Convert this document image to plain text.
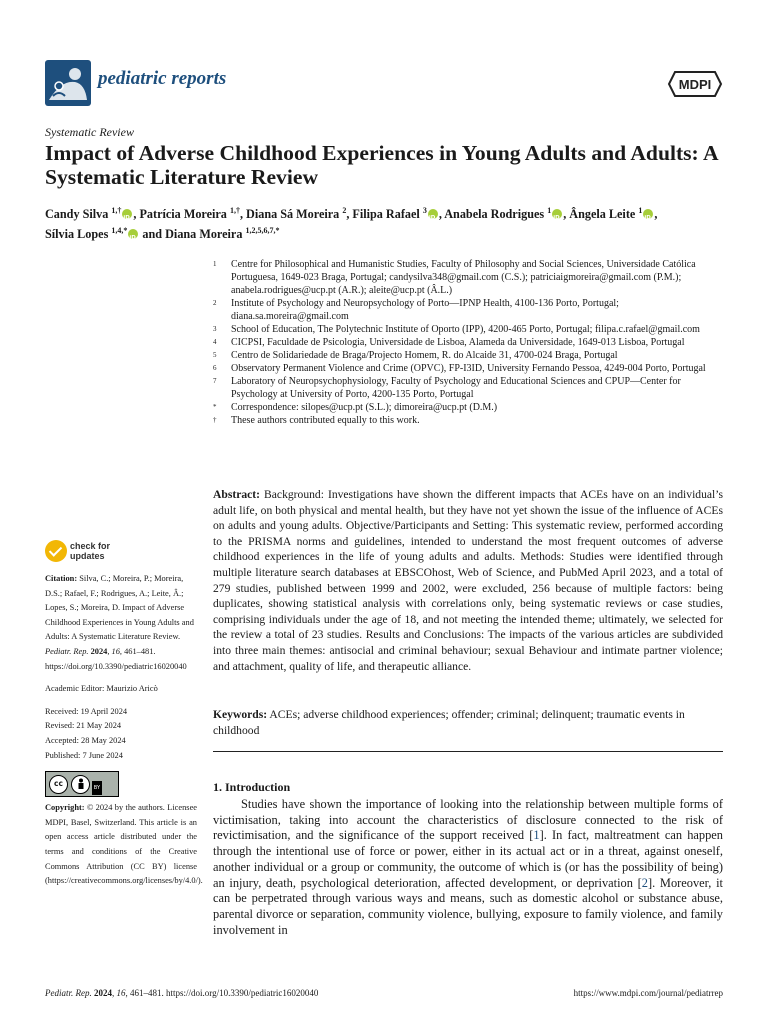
pediatric reports	MDPI
Systematic Review
Impact of Adverse Childhood Experiences in Young Adults and Adults: A Systematic Literature Review
Candy Silva $^{1,\dagger}$ iD , Patrícia Moreira $^{1,\dagger}$, Diana Sá Moreira $^2$, Filipa Rafael $^3$ iD , Anabela Rodrigues $^1$ iD , Ângela Leite $^1$ iD ,
Sílvia Lopes $^{1,4,*}$ iD and Diana Moreira $^{1,2,5,6,7,*}$
1	Centre for Philosophical and Humanistic Studies, Faculty of Philosophy and Social Sciences, Universidade Católica Portuguesa, 1649-023 Braga, Portugal; candysilva348@gmail.com (C.S.); patriciaigmoreira@gmail.com (P.M.); anabela.rodrigues@ucp.pt (A.R.); aleite@ucp.pt (Â.L.)
2	Institute of Psychology and Neuropsychology of Porto—IPNP Health, 4100-136 Porto, Portugal; diana.sa.moreira@gmail.com
3	School of Education, The Polytechnic Institute of Oporto (IPP), 4200-465 Porto, Portugal; filipa.c.rafael@gmail.com
4	CICPSI, Faculdade de Psicologia, Universidade de Lisboa, Alameda da Universidade, 1649-013 Lisboa, Portugal
5	Centro de Solidariedade de Braga/Projecto Homem, R. do Alcaide 31, 4700-024 Braga, Portugal
6	Observatory Permanent Violence and Crime (OPVC), FP-I3ID, University Fernando Pessoa, 4249-004 Porto, Portugal
7	Laboratory of Neuropsychophysiology, Faculty of Psychology and Educational Sciences and CPUP—Center for Psychology at University of Porto, 4200-135 Porto, Portugal
*	Correspondence: silopes@ucp.pt (S.L.); dimoreira@ucp.pt (D.M.)
†	These authors contributed equally to this work.
check for
updates
Citation: Silva, C.; Moreira, P.; Moreira, D.S.; Rafael, F.; Rodrigues, A.; Leite, Â.; Lopes, S.; Moreira, D. Impact of Adverse Childhood Experiences in Young Adults and Adults: A Systematic Literature Review. Pediatr. Rep. 2024, 16, 461–481. https://doi.org/10.3390/pediatric16020040
Academic Editor: Maurizio Aricò
Received: 19 April 2024
Revised: 21 May 2024
Accepted: 28 May 2024
Published: 7 June 2024
cc	BY
Copyright: © 2024 by the authors. Licensee MDPI, Basel, Switzerland. This article is an open access article distributed under the terms and conditions of the Creative Commons Attribution (CC BY) license (https://creativecommons.org/licenses/by/4.0/).
Abstract: Background: Investigations have shown the different impacts that ACEs have on an individual’s adult life, on both physical and mental health, but they have not yet shown the issue of the influence of ACEs on adults and young adults. Objective/Participants and Setting: This systematic review, performed according to the PRISMA norms and guidelines, intended to understand the most frequent outcomes of adverse childhood experiences in the life of young adults and adults. Methods: Studies were identified through multiple literature search databases at EBSCOhost, Web of Science, and PubMed April 2023, and a total of 279 studies, published between 1999 and 2002, were excluded, 256 because of multiple factors: being duplicates, showing statistical analysis with correlations only, being systematic reviews or case studies, comprising individuals under the age of 18, and not meeting the intended theme; ultimately, we selected for the review a total of 23 studies. Results and Conclusions: The impacts of the various articles are subdivided into three main themes: antisocial and criminal behaviour; sexual Behaviour and intimate partner violence; and attachment, quality of life, and therapeutic alliance.
Keywords: ACEs; adverse childhood experiences; offender; criminal; delinquent; traumatic events in childhood
1. Introduction
Studies have shown the importance of looking into the relationship between multiple forms of victimisation, taking into account the characteristics of disclosure connected to the risk of revictimisation, and the significance of the support received [1]. In fact, maltreatment can happen through the intentional use of force or power, either in its actual act or in a threat, against oneself, another individual or a group or community, the outcome of which is (or has the possibility of being) an injury, death, psychological deterioration, affected development, or deprivation [2]. Moreover, it can be perpetrated through various ways and means, such as domestic alcohol or substance abuse, parental divorce or separation, community violence, bullying, exposure to family violence, and family involvement in
Pediatr. Rep. 2024, 16, 461–481. https://doi.org/10.3390/pediatric16020040	https://www.mdpi.com/journal/pediatrrep
